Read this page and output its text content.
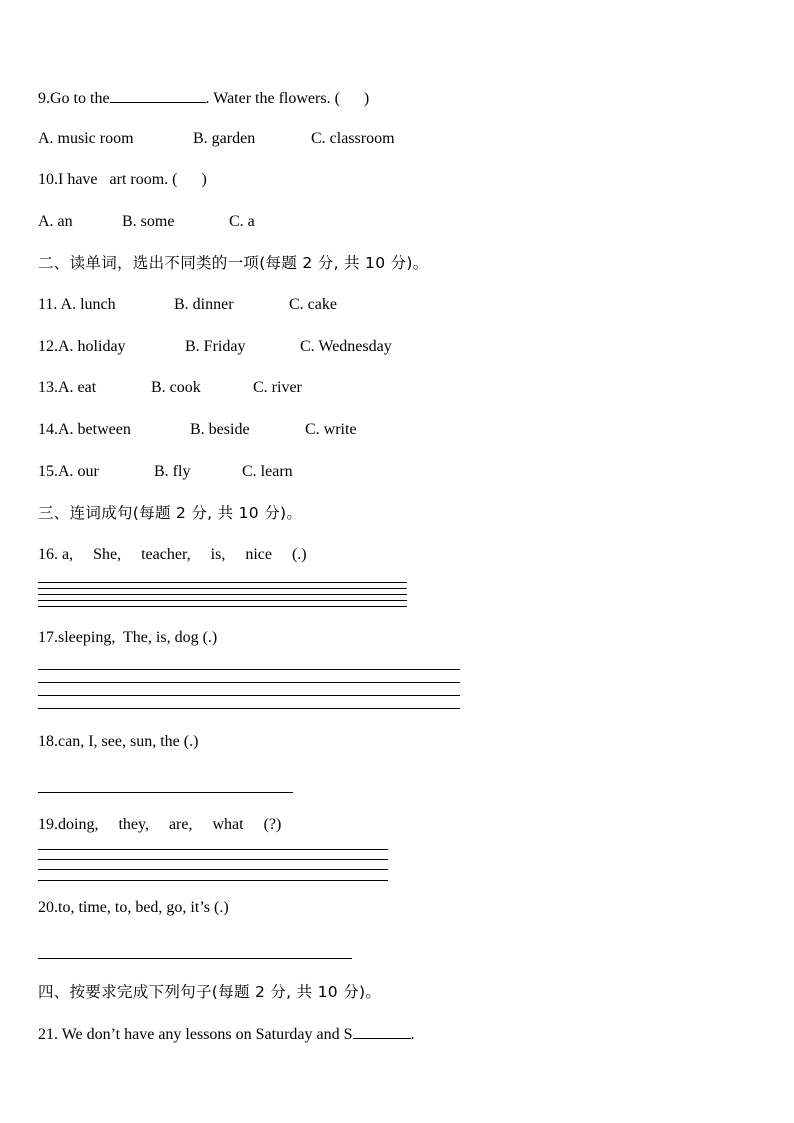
9.Go to the	. Water the flowers. (      )
A. music room	B. garden	C. classroom
10.I have   art room. (      )
A. an	B. some	C. a
二、读单词，选出不同类的一项(每题 2 分, 共 10 分)。
11. A. lunch	B. dinner	C. cake
12.A. holiday	B. Friday	C. Wednesday
13.A. eat	B. cook	C. river
14.A. between	B. beside	C. write
15.A. our	B. fly	C. learn
三、连词成句(每题 2 分, 共 10 分)。
16. a,     She,     teacher,     is,     nice     (.)
17.sleeping,  The, is, dog (.)
18.can, I, see, sun, the (.)
19.doing,     they,     are,     what     (?)
20.to, time, to, bed, go, it’s (.)
四、按要求完成下列句子(每题 2 分, 共 10 分)。
21. We don’t have any lessons on Saturday and S	.
